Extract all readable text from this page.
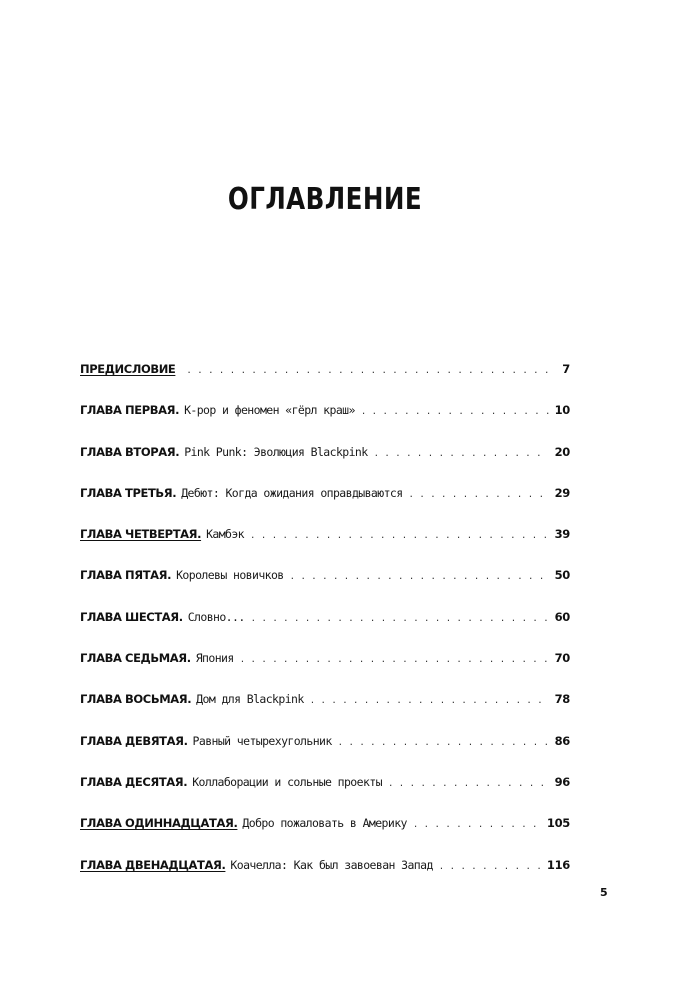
ОГЛАВЛЕНИЕ
ПРЕДИСЛОВИЕ . . .	7
ГЛАВА ПЕРВАЯ. K-pop и феномен «гёрл краш» . . .	10
ГЛАВА ВТОРАЯ. Pink Punk: Эволюция Blackpink . . .	20
ГЛАВА ТРЕТЬЯ. Дебют: Когда ожидания оправдываются . . .	29
ГЛАВА ЧЕТВЕРТАЯ. Камбэк . . .	39
ГЛАВА ПЯТАЯ. Королевы новичков . . .	50
ГЛАВА ШЕСТАЯ. Словно... . . .	60
ГЛАВА СЕДЬМАЯ. Япония . . .	70
ГЛАВА ВОСЬМАЯ. Дом для Blackpink . . .	78
ГЛАВА ДЕВЯТАЯ. Равный четырехугольник . . .	86
ГЛАВА ДЕСЯТАЯ. Коллаборации и сольные проекты . . .	96
ГЛАВА ОДИННАДЦАТАЯ. Добро пожаловать в Америку . . .	105
ГЛАВА ДВЕНАДЦАТАЯ. Коачелла: Как был завоеван Запад . . .	116
5
